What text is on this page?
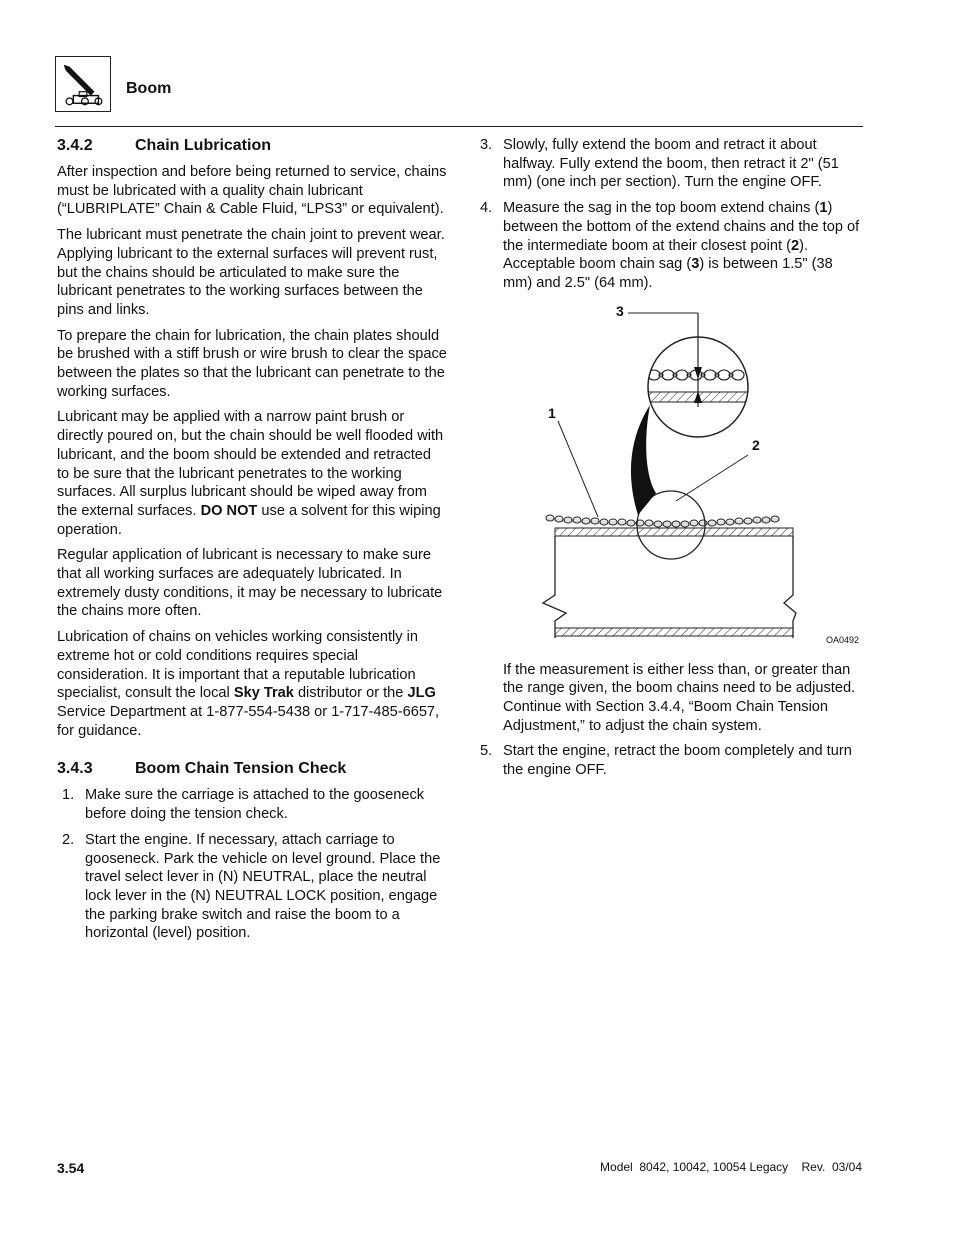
Boom
3.4.2	Chain Lubrication

After inspection and before being returned to service, chains must be lubricated with a quality chain lubricant (“LUBRIPLATE” Chain & Cable Fluid, “LPS3” or equivalent).

The lubricant must penetrate the chain joint to prevent wear. Applying lubricant to the external surfaces will prevent rust, but the chains should be articulated to make sure the lubricant penetrates to the working surfaces between the pins and links.

To prepare the chain for lubrication, the chain plates should be brushed with a stiff brush or wire brush to clear the space between the plates so that the lubricant can penetrate to the working surfaces.

Lubricant may be applied with a narrow paint brush or directly poured on, but the chain should be well flooded with lubricant, and the boom should be extended and retracted to be sure that the lubricant penetrates to the working surfaces. All surplus lubricant should be wiped away from the external surfaces. DO NOT use a solvent for this wiping operation.

Regular application of lubricant is necessary to make sure that all working surfaces are adequately lubricated. In extremely dusty conditions, it may be necessary to lubricate the chains more often.

Lubrication of chains on vehicles working consistently in extreme hot or cold conditions requires special consideration. It is important that a reputable lubrication specialist, consult the local Sky Trak distributor or the JLG Service Department at 1-877-554-5438 or 1-717-485-6657, for guidance.

3.4.3	Boom Chain Tension Check
1. Make sure the carriage is attached to the gooseneck before doing the tension check.
2. Start the engine. If necessary, attach carriage to gooseneck. Park the vehicle on level ground. Place the travel select lever in (N) NEUTRAL, place the neutral lock lever in the (N) NEUTRAL LOCK position, engage the parking brake switch and raise the boom to a horizontal (level) position.
3. Slowly, fully extend the boom and retract it about halfway. Fully extend the boom, then retract it 2" (51 mm) (one inch per section). Turn the engine OFF.
4. Measure the sag in the top boom extend chains (1) between the bottom of the extend chains and the top of the intermediate boom at their closest point (2). Acceptable boom chain sag (3) is between 1.5" (38 mm) and 2.5" (64 mm).
3
1
2
OA0492

If the measurement is either less than, or greater than the range given, the boom chains need to be adjusted. Continue with Section 3.4.4, “Boom Chain Tension Adjustment,” to adjust the chain system.

5. Start the engine, retract the boom completely and turn the engine OFF.
3.54	Model  8042, 10042, 10054 Legacy    Rev.  03/04
